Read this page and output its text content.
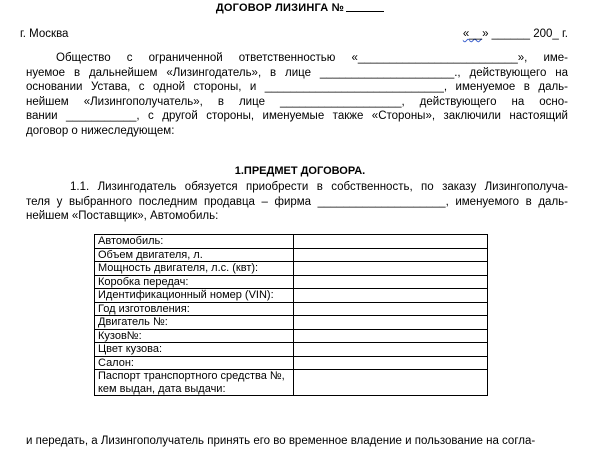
ДОГОВОР ЛИЗИНГА №
г. Москва	«__» ______ 200_ г.
Общество с ограниченной ответственностью «_________________________», име-
нуемое в дальнейшем «Лизингодатель», в лице _____________________., действующего на
основании Устава, с одной стороны, и ____________________________, именуемое в даль-
нейшем «Лизингополучатель», в лице ___________________, действующего на осно-
вании ___________, с другой стороны, именуемые также «Стороны», заключили настоящий
договор о нижеследующем:
1.ПРЕДМЕТ ДОГОВОРА.
1.1. Лизингодатель обязуется приобрести в собственность, по заказу Лизингополуча-
теля у выбранного последним продавца – фирма ____________________, именуемого в даль-
нейшем «Поставщик», Автомобиль:
Автомобиль:	
Объем двигателя, л.	
Мощность двигателя, л.с. (квт):	
Коробка передач:	
Идентификационный номер (VIN):	
Год изготовления:	
Двигатель №:	
Кузов№:	
Цвет кузова:	
Салон:	
Паспорт транспортного средства №, кем выдан, дата выдачи:	
и передать, а Лизингополучатель принять его во временное владение и пользование на согла-
